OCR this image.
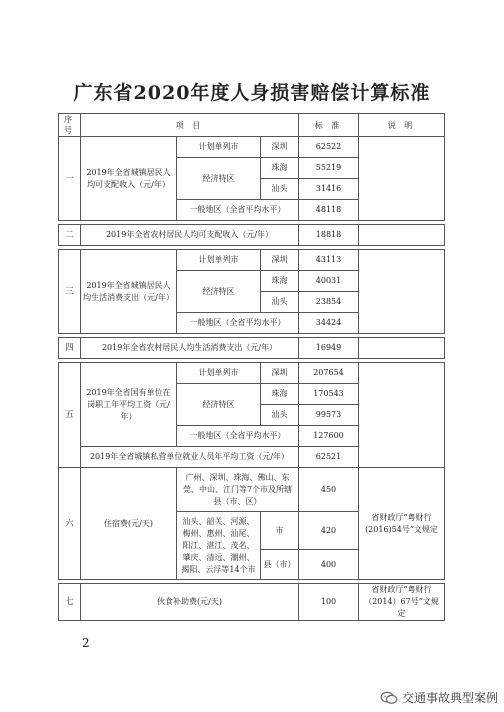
广东省2020年度人身损害赔偿计算标准
序号	项 目			标 准	说 明
一	2019年全省城镇居民人均可支配收入（元/年）	计划单列市	深圳	62522	
		经济特区	珠海	55219	
			汕头	31416	
		一般地区（全省平均水平）		48118	

二	2019年全省农村居民人均可支配收入（元/年）			18818	

三	2019年全省城镇居民人均生活消费支出（元/年）	计划单列市	深圳	43113	
		经济特区	珠海	40031	
			汕头	23854	
		一般地区（全省平均水平）		34424	

四	2019年全省农村居民人均生活消费支出（元/年）			16949	

五	2019年全省国有单位在岗职工年平均工资（元/年）	计划单列市	深圳	207654	
		经济特区	珠海	170543	
			汕头	99573	
		一般地区（全省平均水平）		127600	
	2019年全省城镇私营单位就业人员年平均工资（元/年）			62521	
六	住宿费(元/天)	广州、深圳、珠海、佛山、东莞、中山、江门等7个市及所辖县（市、区）		450	省财政厅“粤财行(2016)54号”文规定
		汕头、韶关、河源、梅州、惠州、汕尾、阳江、湛江、茂名、肇庆、清远、潮州、揭阳、云浮等14个市	市	420	
			县（市）	400	

七	伙食补助费(元/天)			100	省财政厅“粤财行（2014）67号”文规定
2
交通事故典型案例
